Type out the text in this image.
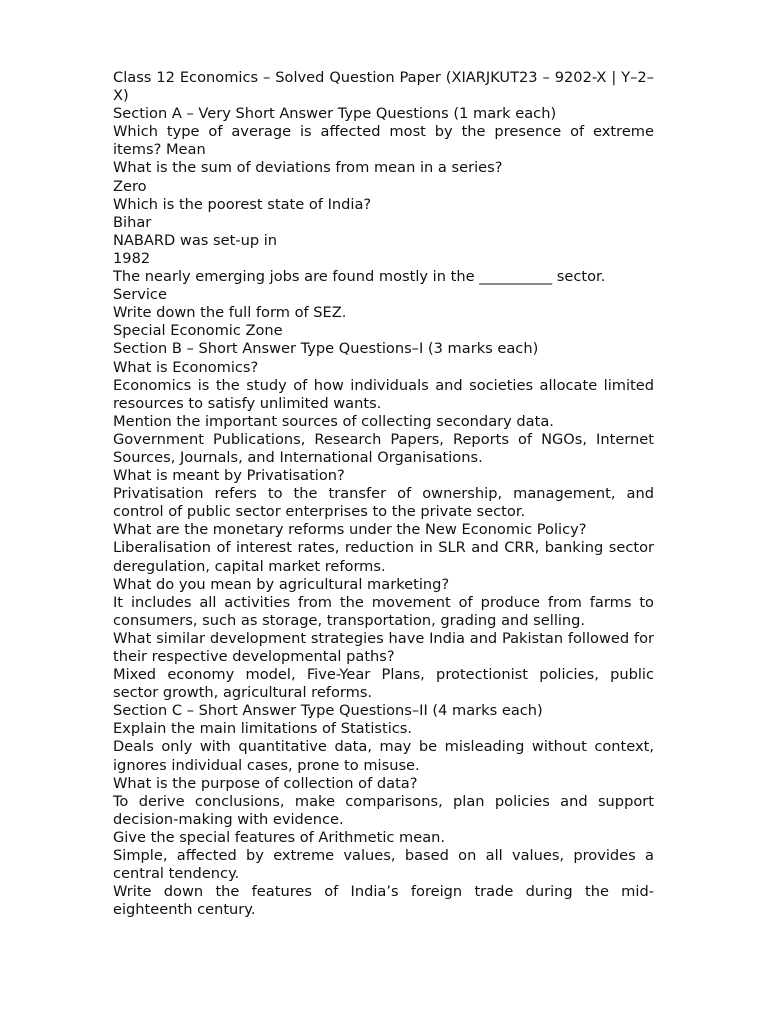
Class 12 Economics – Solved Question Paper (XIARJKUT23 – 9202-X | Y–2–X)

Section A – Very Short Answer Type Questions (1 mark each)

Which type of average is affected most by the presence of extreme items? Mean

What is the sum of deviations from mean in a series?

Zero

Which is the poorest state of India?

Bihar

NABARD was set-up in

1982

The nearly emerging jobs are found mostly in the __________ sector.

Service

Write down the full form of SEZ.

Special Economic Zone

Section B – Short Answer Type Questions–I (3 marks each)

What is Economics?

Economics is the study of how individuals and societies allocate limited resources to satisfy unlimited wants.

Mention the important sources of collecting secondary data.

Government Publications, Research Papers, Reports of NGOs, Internet Sources, Journals, and International Organisations.

What is meant by Privatisation?

Privatisation refers to the transfer of ownership, management, and control of public sector enterprises to the private sector.

What are the monetary reforms under the New Economic Policy?

Liberalisation of interest rates, reduction in SLR and CRR, banking sector deregulation, capital market reforms.

What do you mean by agricultural marketing?

It includes all activities from the movement of produce from farms to consumers, such as storage, transportation, grading and selling.

What similar development strategies have India and Pakistan followed for their respective developmental paths?

Mixed economy model, Five-Year Plans, protectionist policies, public sector growth, agricultural reforms.

Section C – Short Answer Type Questions–II (4 marks each)

Explain the main limitations of Statistics.

Deals only with quantitative data, may be misleading without context, ignores individual cases, prone to misuse.

What is the purpose of collection of data?

To derive conclusions, make comparisons, plan policies and support decision-making with evidence.

Give the special features of Arithmetic mean.

Simple, affected by extreme values, based on all values, provides a central tendency.

Write down the features of India’s foreign trade during the mid-eighteenth century.
